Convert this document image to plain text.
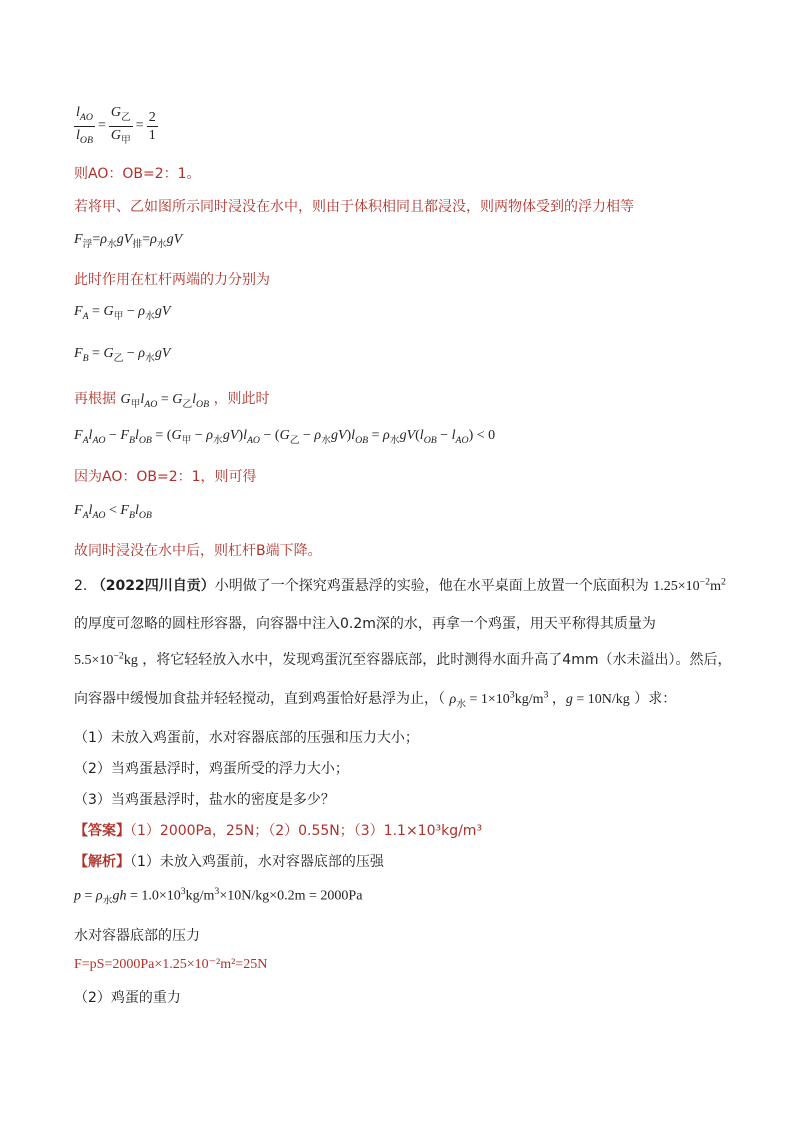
$\frac{l_{AO}}{l_{OB}} = \frac{G_乙}{G_甲} = \frac{2}{1}$
则AO：OB=2：1。
若将甲、乙如图所示同时浸没在水中，则由于体积相同且都浸没，则两物体受到的浮力相等
$F_浮=\rho_水gV_排=\rho_水gV$
此时作用在杠杆两端的力分别为
$F_A = G_甲 - \rho_水gV$
$F_B = G_乙 - \rho_水gV$
再根据 $G_甲l_{AO} = G_乙l_{OB}$ ，则此时
$F_Al_{AO} - F_Bl_{OB} = (G_甲 - \rho_水gV)l_{AO} - (G_乙 - \rho_水gV)l_{OB} = \rho_水gV(l_{OB} - l_{AO}) < 0$
因为AO：OB=2：1，则可得
$F_Al_{AO} < F_Bl_{OB}$
故同时浸没在水中后，则杠杆B端下降。
2. （2022四川自贡）小明做了一个探究鸡蛋悬浮的实验，他在水平桌面上放置一个底面积为 $1.25\times 10^{-2}m^2$
的厚度可忽略的圆柱形容器，向容器中注入0.2m深的水，再拿一个鸡蛋，用天平称得其质量为
$5.5\times 10^{-2}kg$ ，将它轻轻放入水中，发现鸡蛋沉至容器底部，此时测得水面升高了4mm（水未溢出）。然后，
向容器中缓慢加食盐并轻轻搅动，直到鸡蛋恰好悬浮为止，（ $\rho_水 = 1\times 10^3kg/m^3$ ，g = 10N/kg ）求：
（1）未放入鸡蛋前，水对容器底部的压强和压力大小；
（2）当鸡蛋悬浮时，鸡蛋所受的浮力大小；
（3）当鸡蛋悬浮时，盐水的密度是多少？
【答案】（1）2000Pa，25N；（2）0.55N；（3）1.1×10³kg/m³
【解析】（1）未放入鸡蛋前，水对容器底部的压强
$p = \rho_水gh = 1.0\times 10^3kg/m^3\times 10N/kg\times 0.2m = 2000Pa$
水对容器底部的压力
F=pS=2000Pa×1.25×10⁻²m²=25N
（2）鸡蛋的重力
